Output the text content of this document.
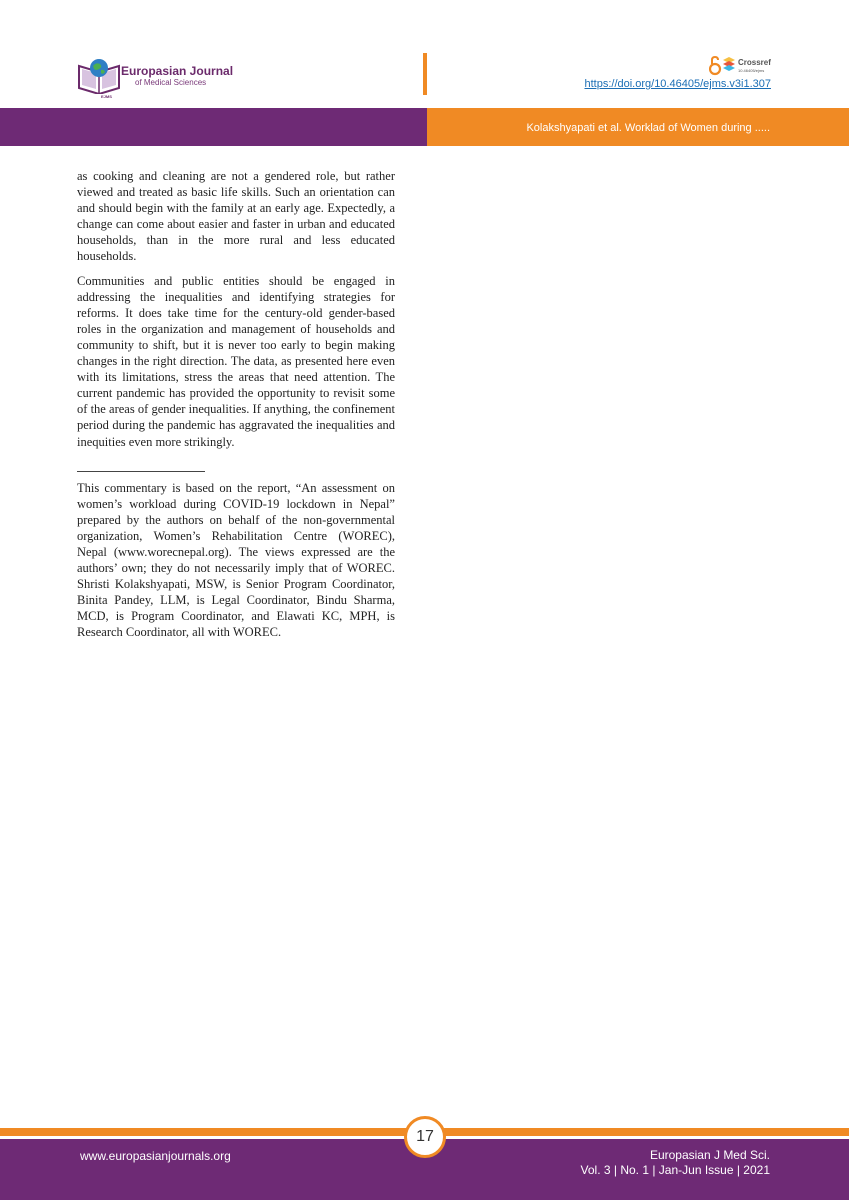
Europasian Journal
of Medical Sciences
EJMS
Crossref
10.46405/ejms
https://doi.org/10.46405/ejms.v3i1.307
Kolakshyapati et al. Worklad of Women during .....

as cooking and cleaning are not a gendered role, but rather viewed and treated as basic life skills. Such an orientation can and should begin with the family at an early age. Expectedly, a change can come about easier and faster in urban and educated households, than in the more rural and less educated households.

Communities and public entities should be engaged in addressing the inequalities and identifying strategies for reforms. It does take time for the century-old gender-based roles in the organization and management of households and community to shift, but it is never too early to begin making changes in the right direction. The data, as presented here even with its limitations, stress the areas that need attention. The current pandemic has provided the opportunity to revisit some of the areas of gender inequalities. If anything, the confinement period during the pandemic has aggravated the inequalities and inequities even more strikingly.

This commentary is based on the report, “An assessment on women’s workload during COVID-19 lockdown in Nepal” prepared by the authors on behalf of the non-governmental organization, Women’s Rehabilitation Centre (WOREC), Nepal (www.worecnepal.org). The views expressed are the authors’ own; they do not necessarily imply that of WOREC. Shristi Kolakshyapati, MSW, is Senior Program Coordinator, Binita Pandey, LLM, is Legal Coordinator, Bindu Sharma, MCD, is Program Coordinator, and Elawati KC, MPH, is Research Coordinator, all with WOREC.

17
www.europasianjournals.org	Europasian J Med Sci.
Vol. 3 | No. 1 | Jan-Jun Issue | 2021
